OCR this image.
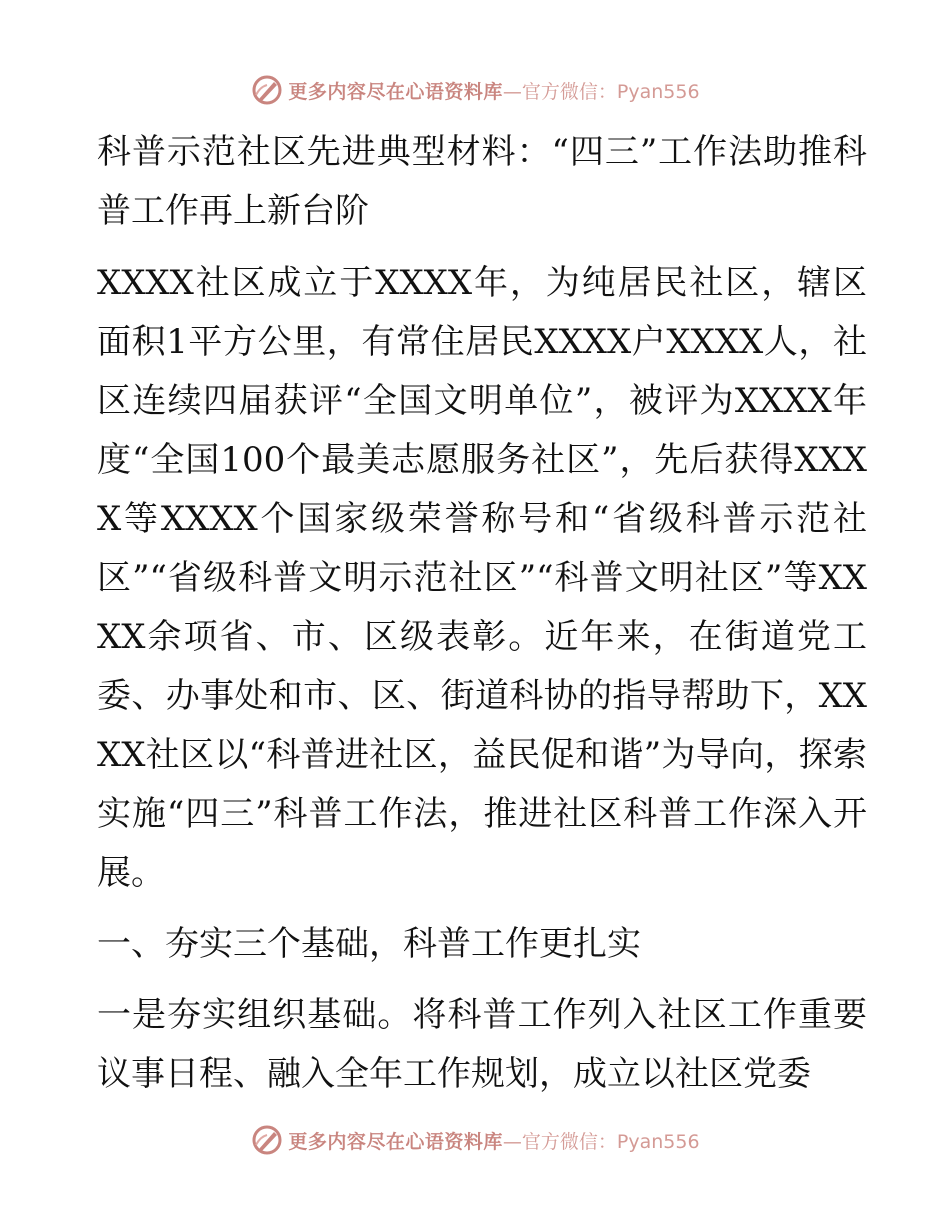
更多内容尽在心语资料库 —官方微信：Pyan556

科普示范社区先进典型材料：“四三”工作法助推科普工作再上新台阶

XXXX社区成立于XXXX年，为纯居民社区，辖区面积1平方公里，有常住居民XXXX户XXXX人，社区连续四届获评“全国文明单位”，被评为XXXX年度“全国100个最美志愿服务社区”，先后获得XXXX等XXXX个国家级荣誉称号和“省级科普示范社区”“省级科普文明示范社区”“科普文明社区”等XXXX余项省、市、区级表彰。近年来，在街道党工委、办事处和市、区、街道科协的指导帮助下，XXXX社区以“科普进社区，益民促和谐”为导向，探索实施“四三”科普工作法，推进社区科普工作深入开展。

一、夯实三个基础，科普工作更扎实

一是夯实组织基础。将科普工作列入社区工作重要议事日程、融入全年工作规划，成立以社区党委

更多内容尽在心语资料库 —官方微信：Pyan556
